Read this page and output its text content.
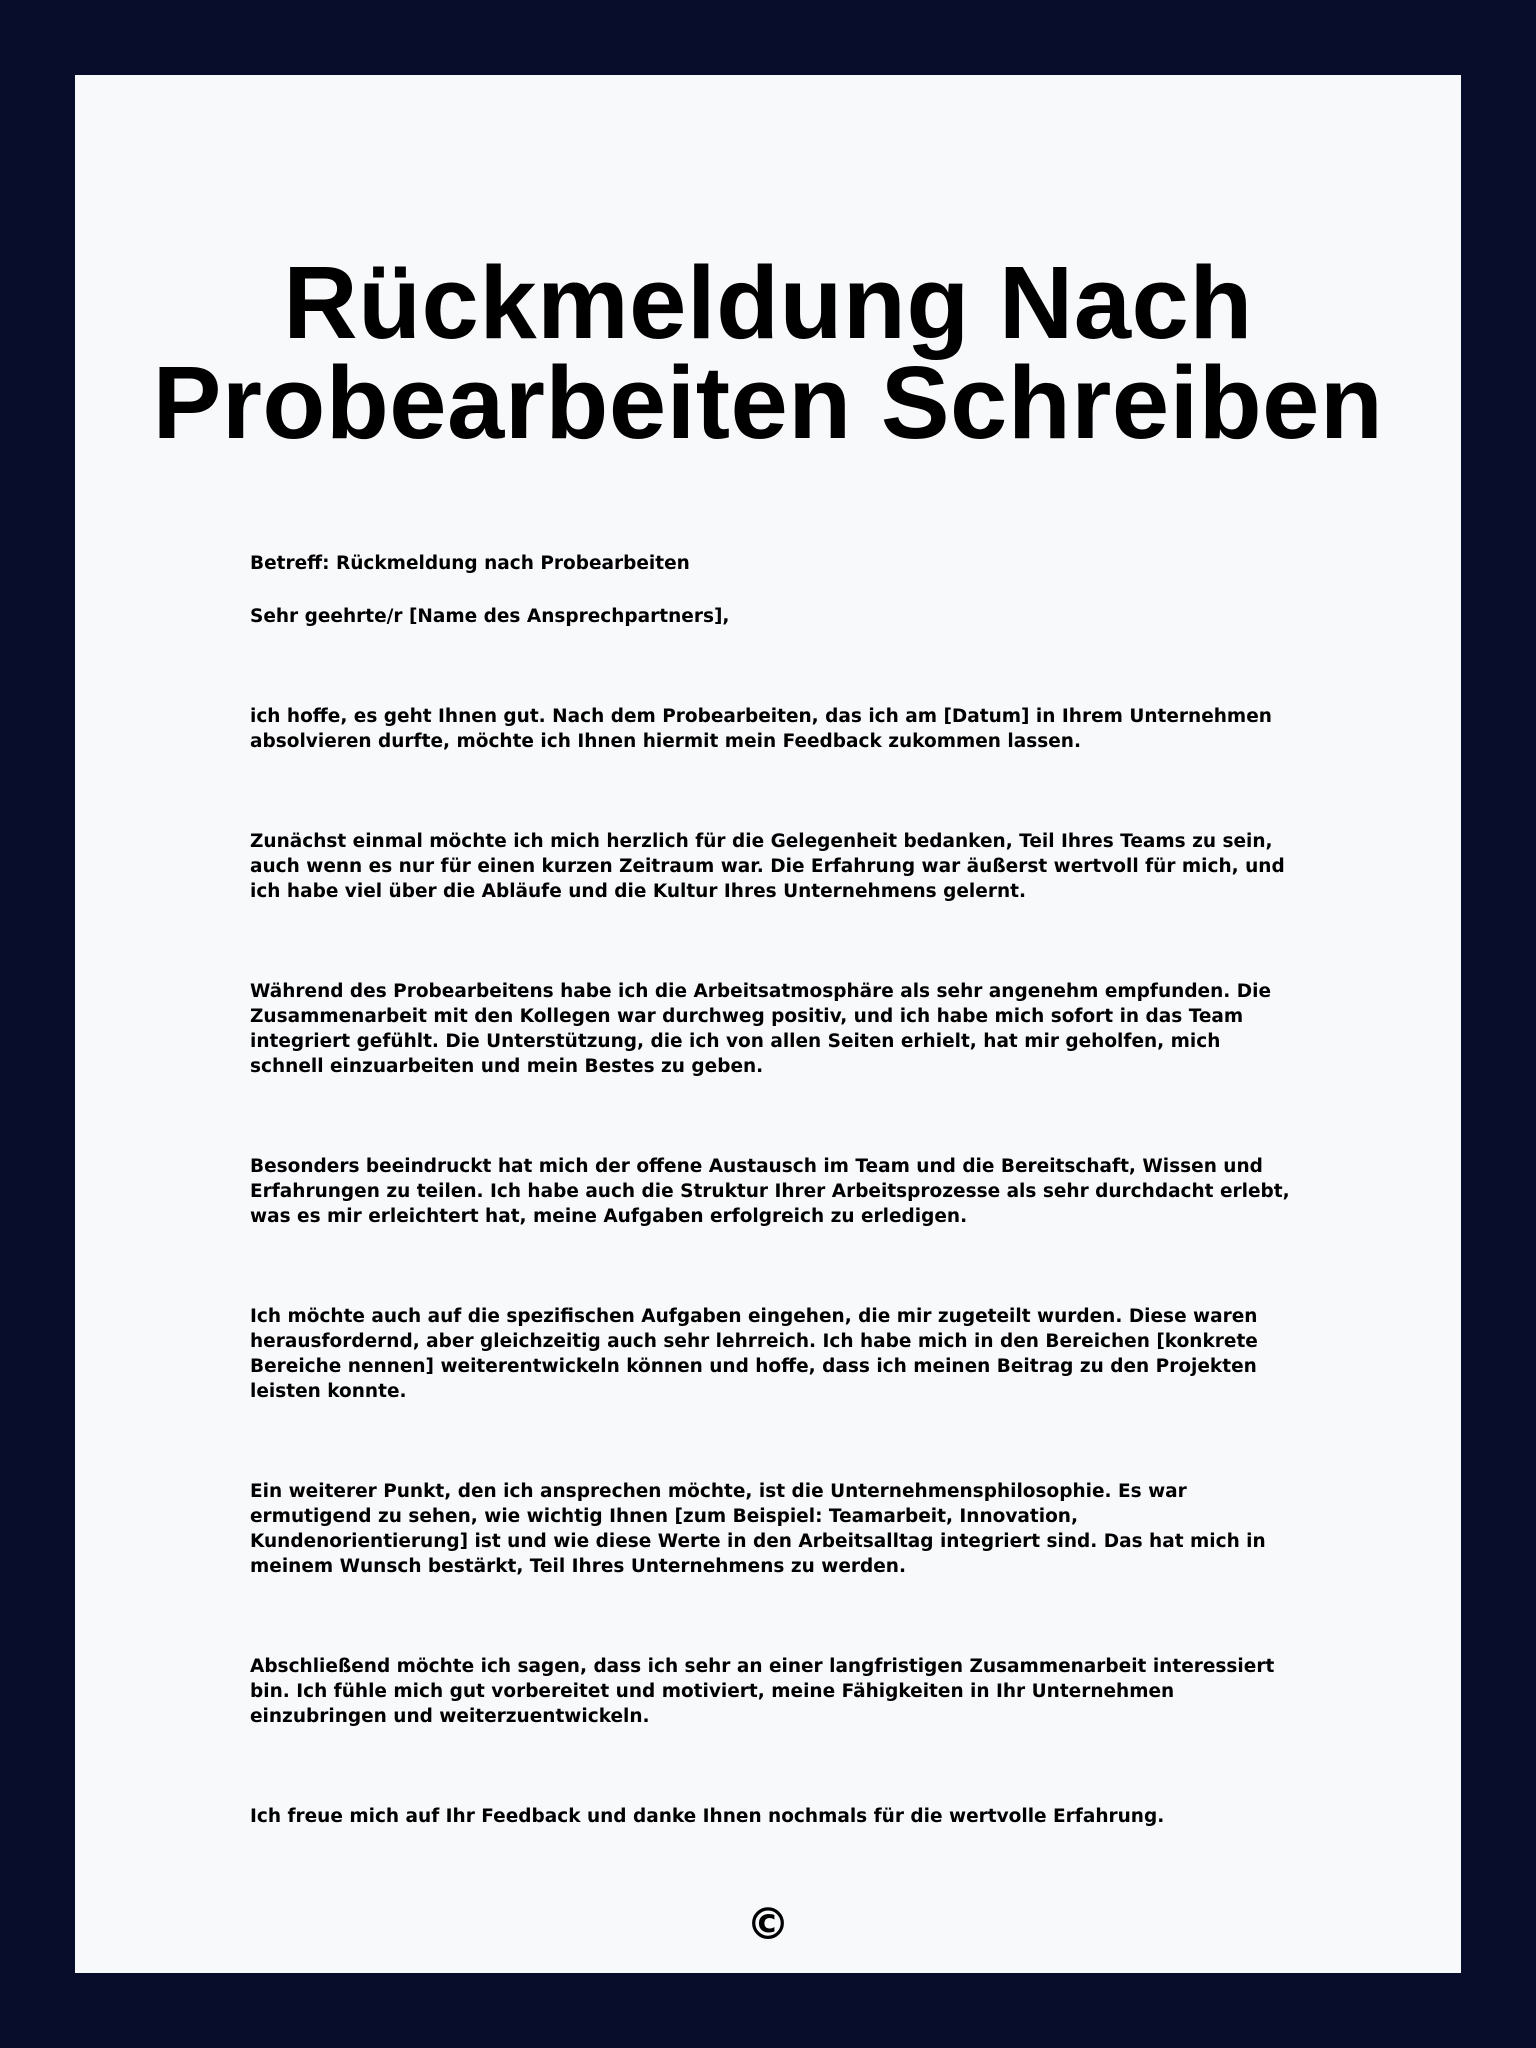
Rückmeldung Nach
Probearbeiten Schreiben

Betreff: Rückmeldung nach Probearbeiten

Sehr geehrte/r [Name des Ansprechpartners],

ich hoffe, es geht Ihnen gut. Nach dem Probearbeiten, das ich am [Datum] in Ihrem Unternehmen absolvieren durfte, möchte ich Ihnen hiermit mein Feedback zukommen lassen.

Zunächst einmal möchte ich mich herzlich für die Gelegenheit bedanken, Teil Ihres Teams zu sein, auch wenn es nur für einen kurzen Zeitraum war. Die Erfahrung war äußerst wertvoll für mich, und ich habe viel über die Abläufe und die Kultur Ihres Unternehmens gelernt.

Während des Probearbeitens habe ich die Arbeitsatmosphäre als sehr angenehm empfunden. Die Zusammenarbeit mit den Kollegen war durchweg positiv, und ich habe mich sofort in das Team integriert gefühlt. Die Unterstützung, die ich von allen Seiten erhielt, hat mir geholfen, mich schnell einzuarbeiten und mein Bestes zu geben.

Besonders beeindruckt hat mich der offene Austausch im Team und die Bereitschaft, Wissen und Erfahrungen zu teilen. Ich habe auch die Struktur Ihrer Arbeitsprozesse als sehr durchdacht erlebt, was es mir erleichtert hat, meine Aufgaben erfolgreich zu erledigen.

Ich möchte auch auf die spezifischen Aufgaben eingehen, die mir zugeteilt wurden. Diese waren herausfordernd, aber gleichzeitig auch sehr lehrreich. Ich habe mich in den Bereichen [konkrete Bereiche nennen] weiterentwickeln können und hoffe, dass ich meinen Beitrag zu den Projekten leisten konnte.

Ein weiterer Punkt, den ich ansprechen möchte, ist die Unternehmensphilosophie. Es war ermutigend zu sehen, wie wichtig Ihnen [zum Beispiel: Teamarbeit, Innovation, Kundenorientierung] ist und wie diese Werte in den Arbeitsalltag integriert sind. Das hat mich in meinem Wunsch bestärkt, Teil Ihres Unternehmens zu werden.

Abschließend möchte ich sagen, dass ich sehr an einer langfristigen Zusammenarbeit interessiert bin. Ich fühle mich gut vorbereitet und motiviert, meine Fähigkeiten in Ihr Unternehmen einzubringen und weiterzuentwickeln.

Ich freue mich auf Ihr Feedback und danke Ihnen nochmals für die wertvolle Erfahrung.

©
